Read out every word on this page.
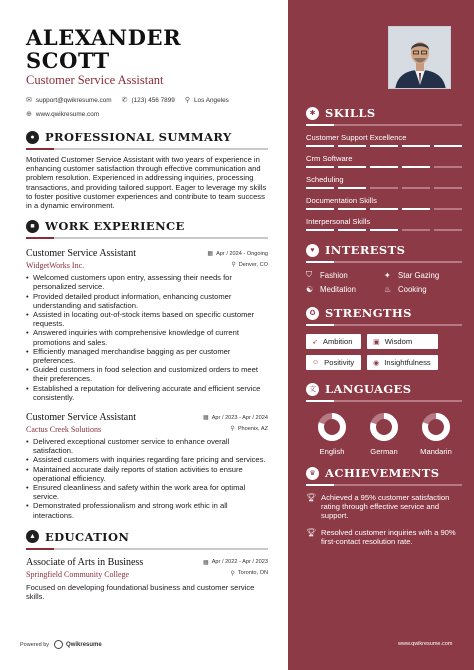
ALEXANDER SCOTT
Customer Service Assistant
✉ support@qwikresume.com ✆ (123) 456 7899 ⚲ Los Angeles
⊕ www.qwikresume.com
● PROFESSIONAL SUMMARY

Motivated Customer Service Assistant with two years of experience in enhancing customer satisfaction through effective communication and problem resolution. Experienced in addressing inquiries, processing transactions, and providing tailored support. Eager to leverage my skills to foster positive customer experiences and contribute to team success in a dynamic environment.

■ WORK EXPERIENCE
Customer Service Assistant	▦ Apr / 2024 - Ongoing
WidgetWorks Inc.	⚲ Denver, CO
• Welcomed customers upon entry, assessing their needs for personalized service.
• Provided detailed product information, enhancing customer understanding and satisfaction.
• Assisted in locating out-of-stock items based on specific customer requests.
• Answered inquiries with comprehensive knowledge of current promotions and sales.
• Efficiently managed merchandise bagging as per customer preferences.
• Guided customers in food selection and customized orders to meet their preferences.
• Established a reputation for delivering accurate and efficient service consistently.
Customer Service Assistant	▦ Apr / 2023 - Apr / 2024
Cactus Creek Solutions	⚲ Phoenix, AZ
• Delivered exceptional customer service to enhance overall satisfaction.
• Assisted customers with inquiries regarding fare pricing and services.
• Maintained accurate daily reports of station activities to ensure operational efficiency.
• Ensured cleanliness and safety within the work area for optimal service.
• Demonstrated professionalism and strong work ethic in all interactions.
▲ EDUCATION
Associate of Arts in Business	▦ Apr / 2022 - Apr / 2023
Springfield Community College	⚲ Toronto, ON

Focused on developing foundational business and customer service skills.

Powered by	Qwikresume
✱ SKILLS
Customer Support Excellence
Crm Software
Scheduling
Documentation Skills
Interpersonal Skills
♥ INTERESTS
⛉	Fashion	✦ Star Gazing
☯ Meditation	♨ Cooking
✪ STRENGTHS
➶ Ambition	▣ Wisdom
☺ Positivity	◉ Insightfulness
文 LANGUAGES
English	German	Mandarin
♛ ACHIEVEMENTS
🏆︎ Achieved a 95% customer satisfaction rating through effective service and support.
🏆︎ Resolved customer inquiries with a 90% first-contact resolution rate.
www.qwikresume.com
